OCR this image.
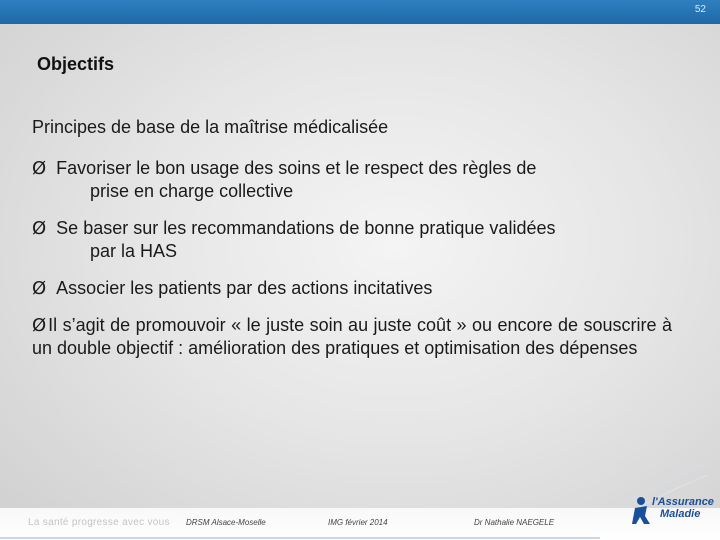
52
Objectifs
Principes de base de la maîtrise médicalisée
Ø Favoriser le bon usage des soins et le respect des règles de
prise en charge collective
Ø Se baser sur les recommandations de bonne pratique validées
par la HAS
Ø Associer les patients par des actions incitatives
Ø Il s’agit de promouvoir « le juste soin au juste coût » ou encore de souscrire à un double objectif : amélioration des pratiques et optimisation des dépenses
La santé progresse avec vous DRSM Alsace-Moselle	IMG février 2014	Dr Nathalie NAEGELE
l'Assurance
Maladie
